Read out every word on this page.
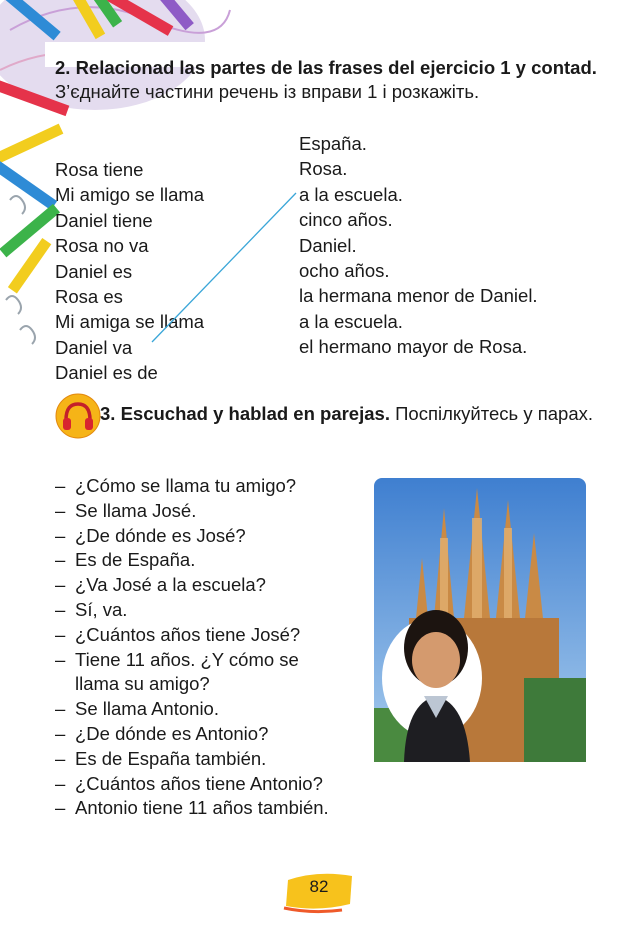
2. Relacionad las partes de las frases del ejercicio 1 y contad. З’єднайте частини речень із вправи 1 і розкажіть.
Rosa tiene
Mi amigo se llama
Daniel tiene
Rosa no va
Daniel es
Rosa es
Mi amiga se llama
Daniel va
Daniel es de
España.
Rosa.
a la escuela.
cinco años.
Daniel.
ocho años.
la hermana menor de Daniel.
a la escuela.
el hermano mayor de Rosa.
3. Escuchad y hablad en parejas. Поспілкуйтесь у парах.
– ¿Cómo se llama tu amigo?
– Se llama José.
– ¿De dónde es José?
– Es de España.
– ¿Va José a la escuela?
– Sí, va.
– ¿Cuántos años tiene José?
– Tiene 11 años. ¿Y cómo se llama su amigo?
– Se llama Antonio.
– ¿De dónde es Antonio?
– Es de España también.
– ¿Cuántos años tiene Antonio?
– Antonio tiene 11 años también.
82
